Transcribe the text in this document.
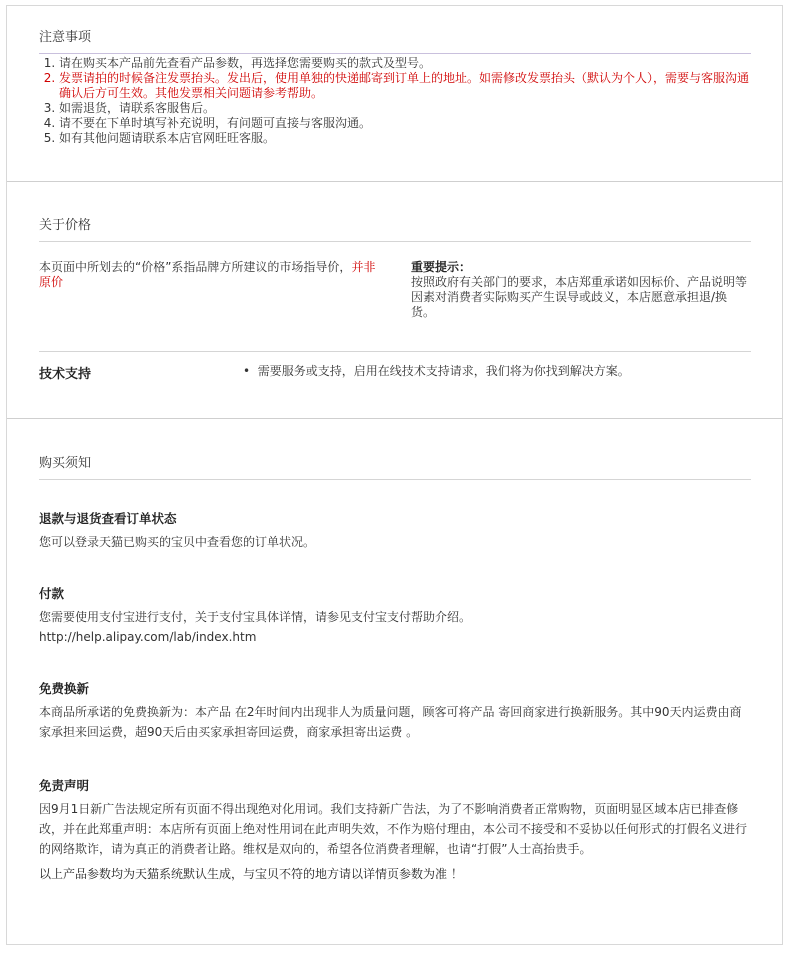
注意事项
1. 请在购买本产品前先查看产品参数，再选择您需要购买的款式及型号。
2. 发票请拍的时候备注发票抬头。发出后，使用单独的快递邮寄到订单上的地址。如需修改发票抬头（默认为个人），需要与客服沟通确认后方可生效。其他发票相关问题请参考帮助。
3. 如需退货，请联系客服售后。
4. 请不要在下单时填写补充说明，有问题可直接与客服沟通。
5. 如有其他问题请联系本店官网旺旺客服。
关于价格
本页面中所划去的“价格”系指品牌方所建议的市场指导价，并非原价
重要提示：
按照政府有关部门的要求，本店郑重承诺如因标价、产品说明等因素对消费者实际购买产生误导或歧义，本店愿意承担退/换货。
技术支持	• 需要服务或支持，启用在线技术支持请求，我们将为你找到解决方案。
购买须知
退款与退货查看订单状态

您可以登录天猫已购买的宝贝中查看您的订单状况。

付款

您需要使用支付宝进行支付，关于支付宝具体详情，请参见支付宝支付帮助介绍。

http://help.alipay.com/lab/index.htm

免费换新

本商品所承诺的免费换新为：本产品 在2年时间内出现非人为质量问题，顾客可将产品 寄回商家进行换新服务。其中90天内运费由商家承担来回运费，超90天后由买家承担寄回运费，商家承担寄出运费 。

免责声明

因9月1日新广告法规定所有页面不得出现绝对化用词。我们支持新广告法，为了不影响消费者正常购物，页面明显区域本店已排查修改，并在此郑重声明：本店所有页面上绝对性用词在此声明失效，不作为赔付理由，本公司不接受和不妥协以任何形式的打假名义进行的网络欺诈，请为真正的消费者让路。维权是双向的，希望各位消费者理解，也请“打假”人士高抬贵手。

以上产品参数均为天猫系统默认生成，与宝贝不符的地方请以详情页参数为准 ！
